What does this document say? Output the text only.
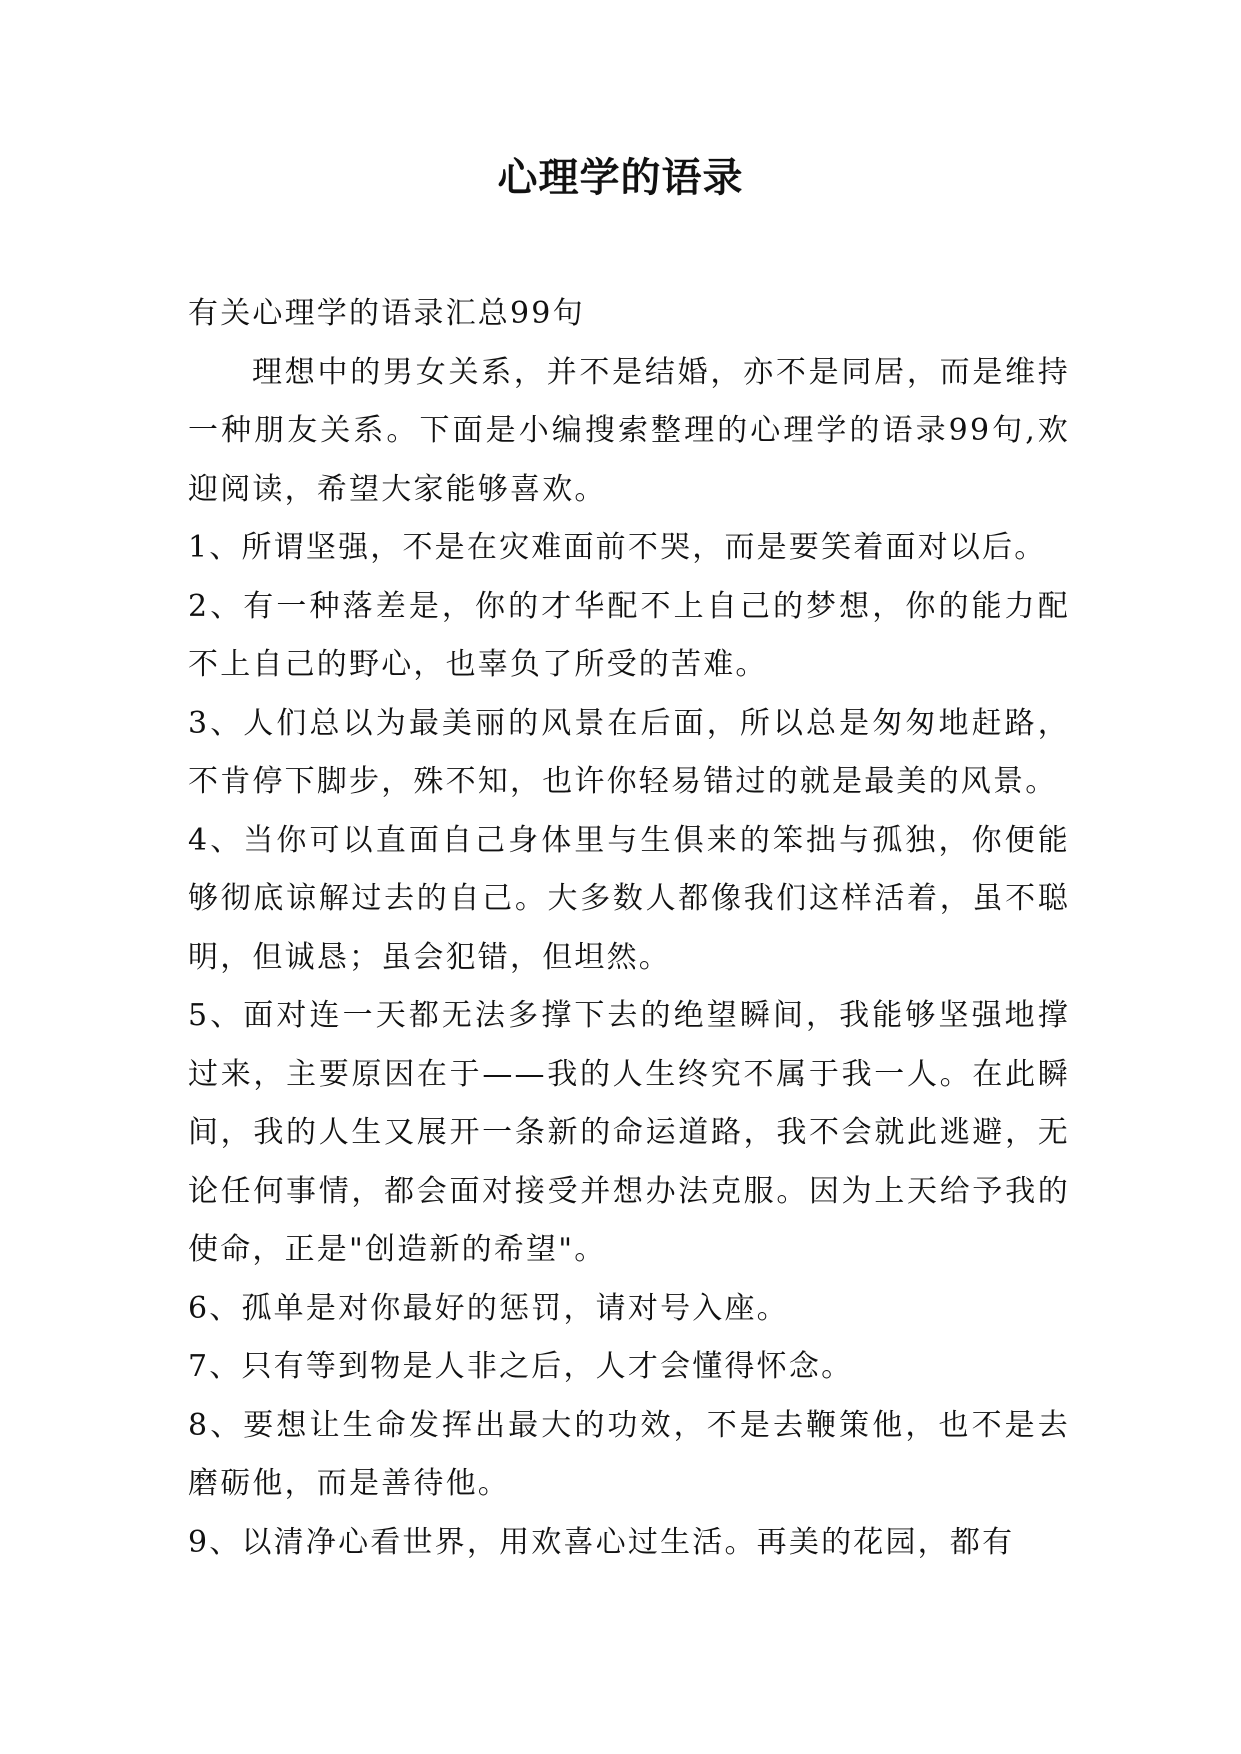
心理学的语录

有关心理学的语录汇总99句

理想中的男女关系，并不是结婚，亦不是同居，而是维持一种朋友关系。下面是小编搜索整理的心理学的语录99句,欢迎阅读，希望大家能够喜欢。

1、所谓坚强，不是在灾难面前不哭，而是要笑着面对以后。

2、有一种落差是，你的才华配不上自己的梦想，你的能力配不上自己的野心，也辜负了所受的苦难。

3、人们总以为最美丽的风景在后面，所以总是匆匆地赶路，不肯停下脚步，殊不知，也许你轻易错过的就是最美的风景。

4、当你可以直面自己身体里与生俱来的笨拙与孤独，你便能够彻底谅解过去的自己。大多数人都像我们这样活着，虽不聪明，但诚恳；虽会犯错，但坦然。

5、面对连一天都无法多撑下去的绝望瞬间，我能够坚强地撑过来，主要原因在于——我的人生终究不属于我一人。在此瞬间，我的人生又展开一条新的命运道路，我不会就此逃避，无论任何事情，都会面对接受并想办法克服。因为上天给予我的使命，正是"创造新的希望"。

6、孤单是对你最好的惩罚，请对号入座。

7、只有等到物是人非之后，人才会懂得怀念。

8、要想让生命发挥出最大的功效，不是去鞭策他，也不是去磨砺他，而是善待他。

9、以清净心看世界，用欢喜心过生活。再美的花园，都有
